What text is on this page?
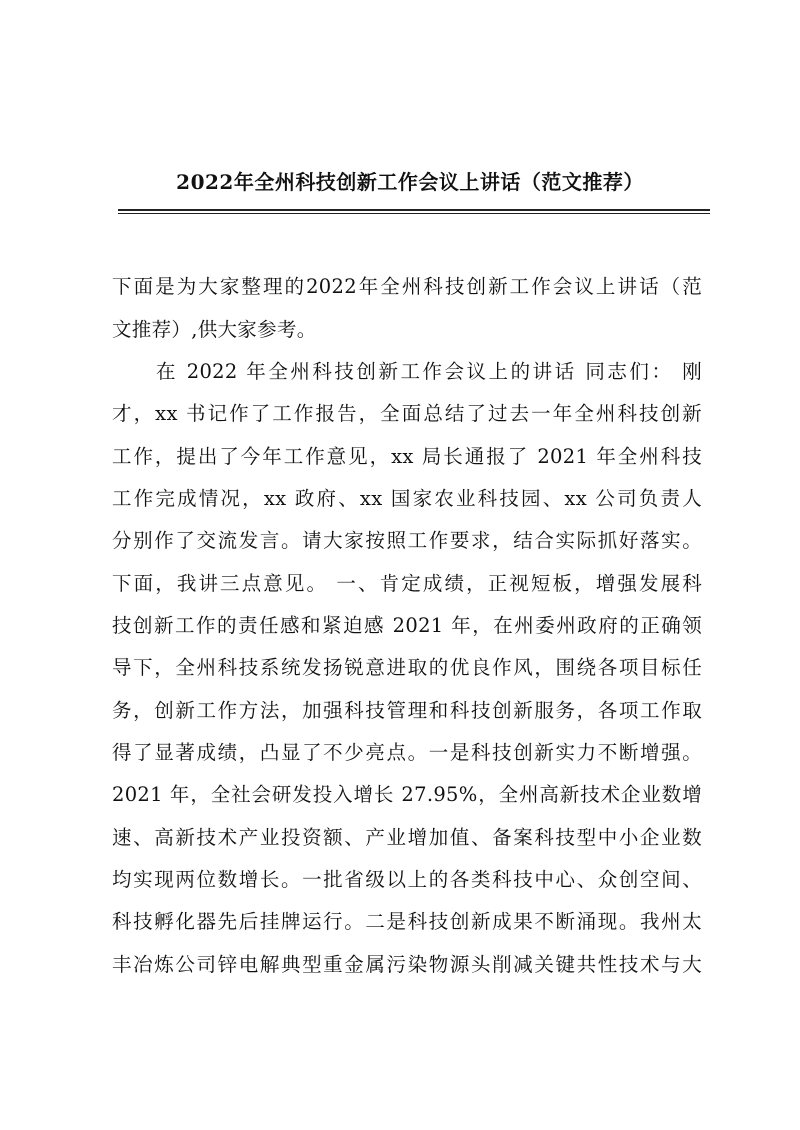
2022年全州科技创新工作会议上讲话（范文推荐）
下面是为大家整理的2022年全州科技创新工作会议上讲话（范
文推荐）,供大家参考。
在 2022 年全州科技创新工作会议上的讲话 同志们： 刚
才，xx 书记作了工作报告，全面总结了过去一年全州科技创新
工作，提出了今年工作意见，xx 局长通报了 2021 年全州科技
工作完成情况，xx 政府、xx 国家农业科技园、xx 公司负责人
分别作了交流发言。请大家按照工作要求，结合实际抓好落实。
下面，我讲三点意见。 一、肯定成绩，正视短板，增强发展科
技创新工作的责任感和紧迫感 2021 年，在州委州政府的正确领
导下，全州科技系统发扬锐意进取的优良作风，围绕各项目标任
务，创新工作方法，加强科技管理和科技创新服务，各项工作取
得了显著成绩，凸显了不少亮点。一是科技创新实力不断增强。
2021 年，全社会研发投入增长 27.95%，全州高新技术企业数增
速、高新技术产业投资额、产业增加值、备案科技型中小企业数
均实现两位数增长。一批省级以上的各类科技中心、众创空间、
科技孵化器先后挂牌运行。二是科技创新成果不断涌现。我州太
丰冶炼公司锌电解典型重金属污染物源头削减关键共性技术与大
